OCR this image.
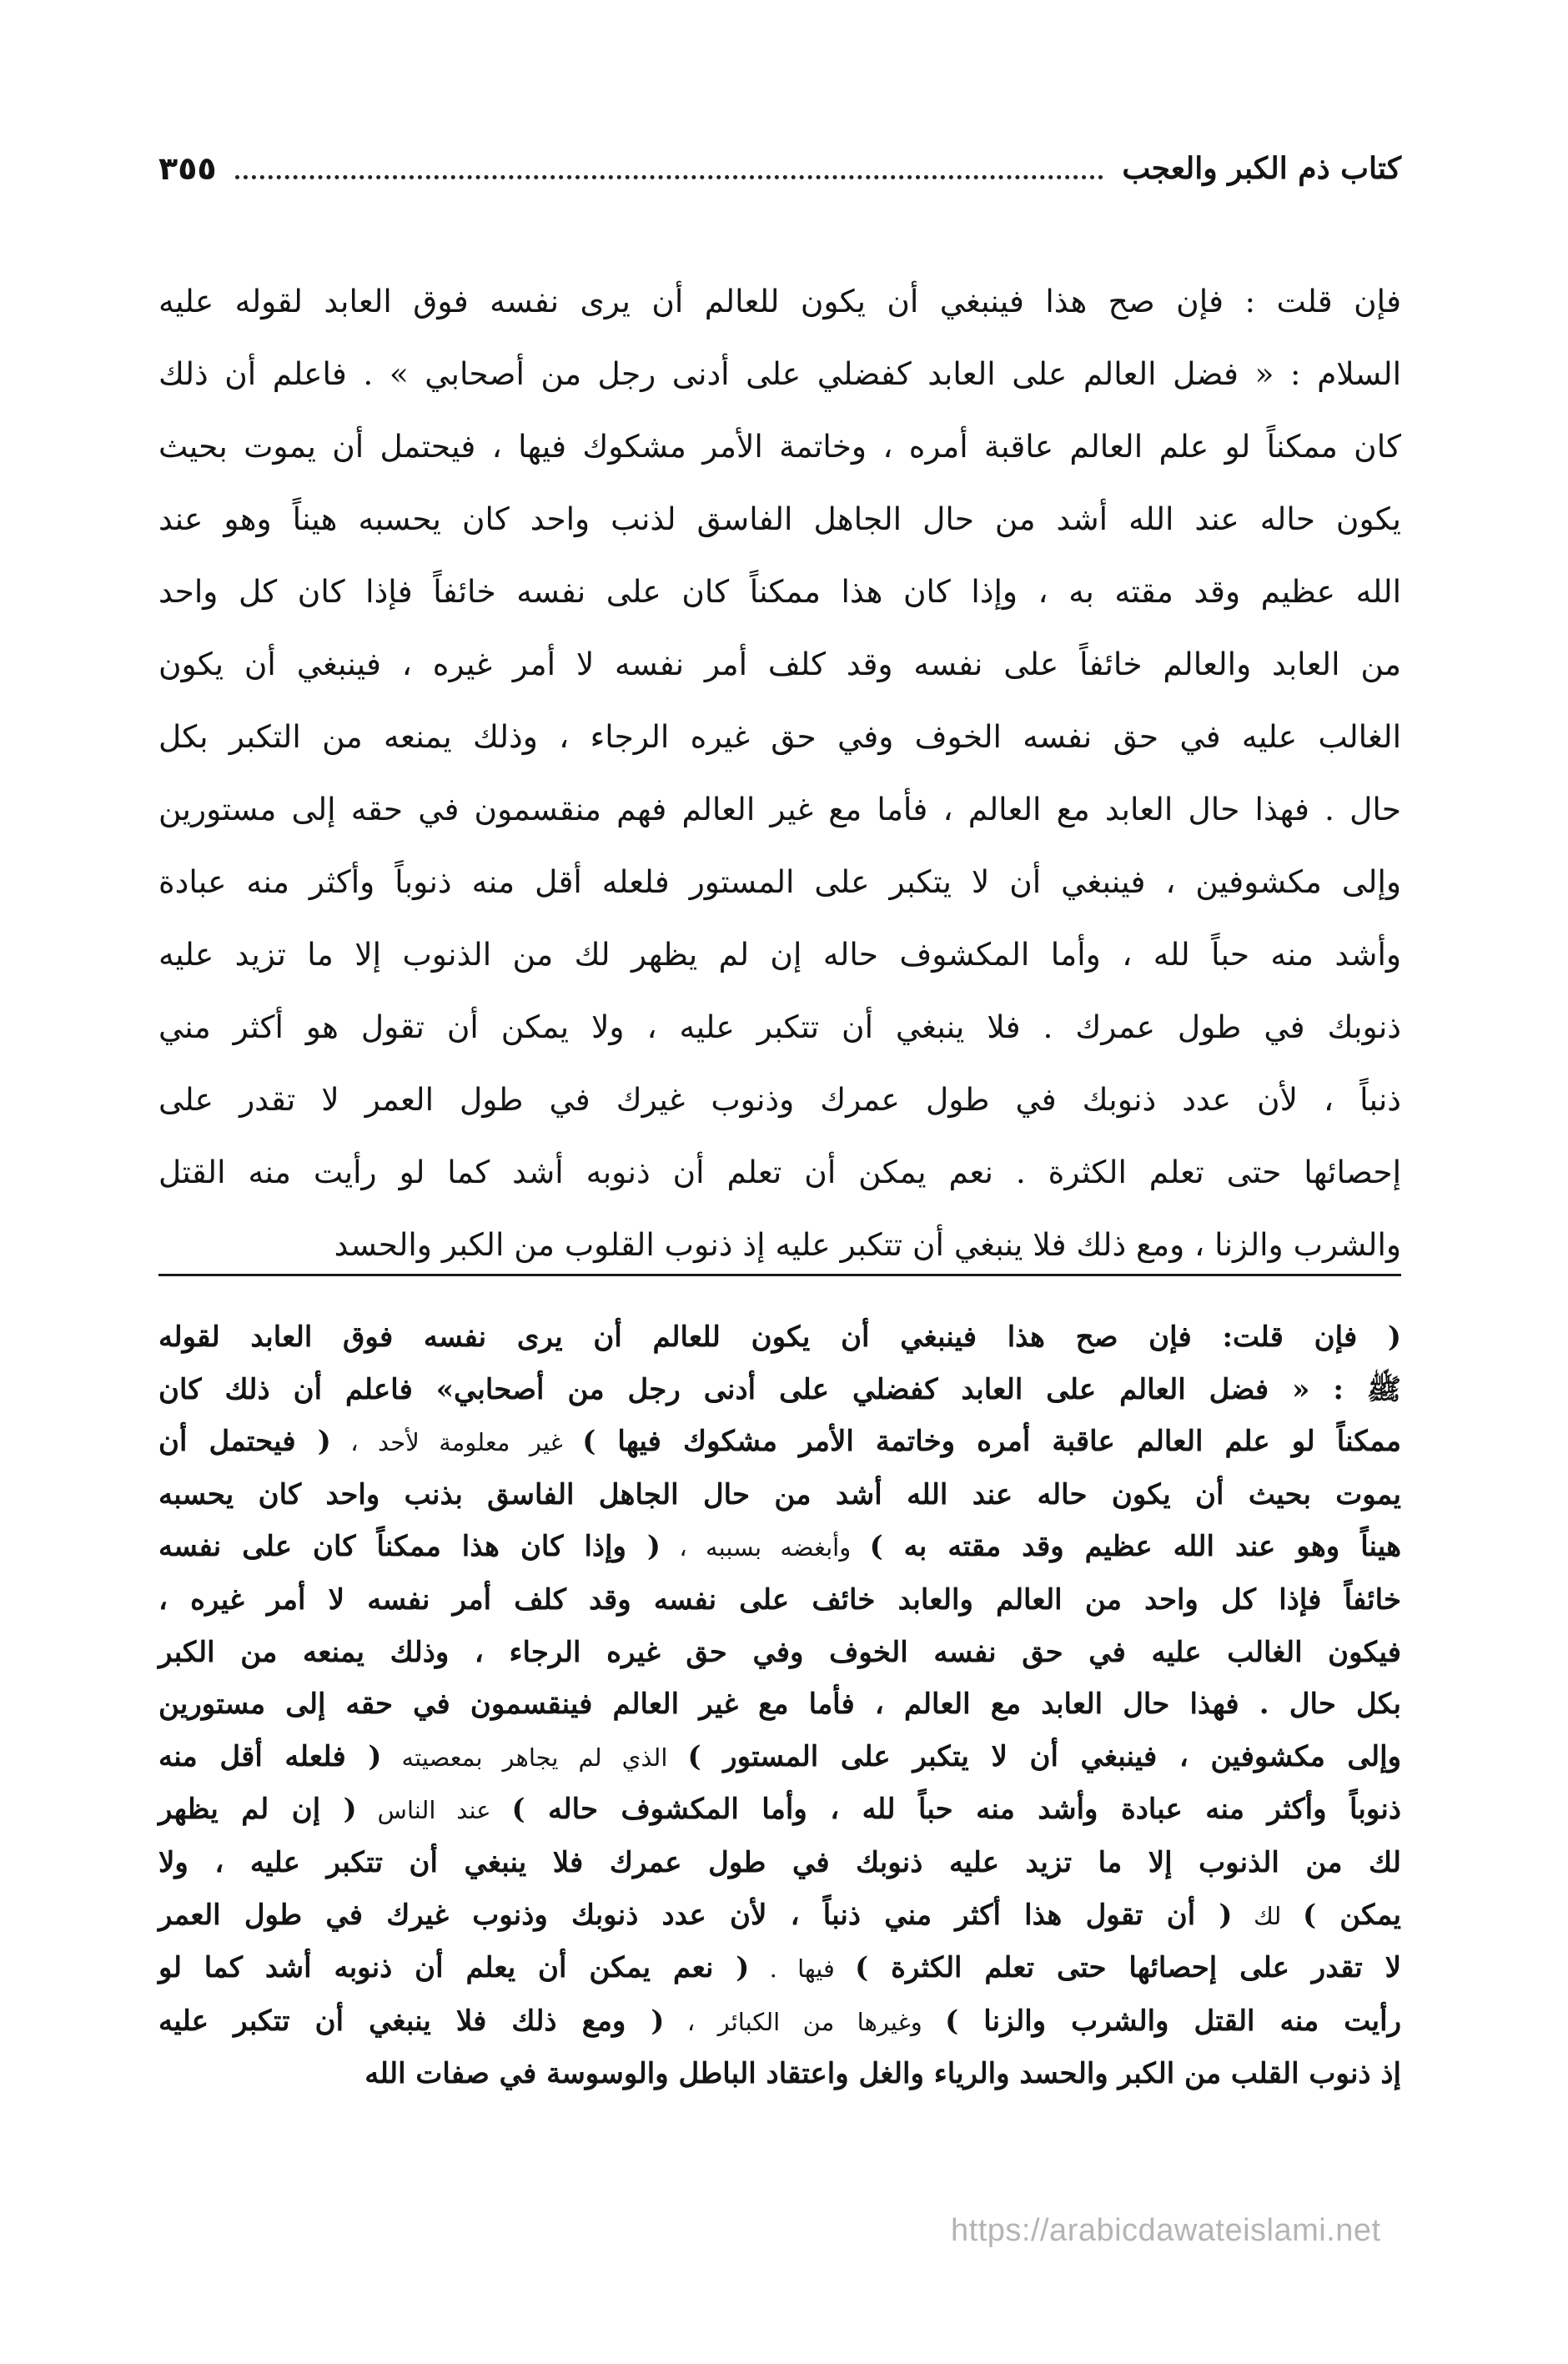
كتاب ذم الكبر والعجب
٣٥٥
فإن قلت : فإن صح هذا فينبغي أن يكون للعالم أن يرى نفسه فوق العابد لقوله عليه
السلام : « فضل العالم على العابد كفضلي على أدنى رجل من أصحابي » . فاعلم أن ذلك
كان ممكناً لو علم العالم عاقبة أمره ، وخاتمة الأمر مشكوك فيها ، فيحتمل أن يموت بحيث
يكون حاله عند الله أشد من حال الجاهل الفاسق لذنب واحد كان يحسبه هيناً وهو عند
الله عظيم وقد مقته به ، وإذا كان هذا ممكناً كان على نفسه خائفاً فإذا كان كل واحد
من العابد والعالم خائفاً على نفسه وقد كلف أمر نفسه لا أمر غيره ، فينبغي أن يكون
الغالب عليه في حق نفسه الخوف وفي حق غيره الرجاء ، وذلك يمنعه من التكبر بكل
حال . فهذا حال العابد مع العالم ، فأما مع غير العالم فهم منقسمون في حقه إلى مستورين
وإلى مكشوفين ، فينبغي أن لا يتكبر على المستور فلعله أقل منه ذنوباً وأكثر منه عبادة
وأشد منه حباً لله ، وأما المكشوف حاله إن لم يظهر لك من الذنوب إلا ما تزيد عليه
ذنوبك في طول عمرك . فلا ينبغي أن تتكبر عليه ، ولا يمكن أن تقول هو أكثر مني
ذنباً ، لأن عدد ذنوبك في طول عمرك وذنوب غيرك في طول العمر لا تقدر على
إحصائها حتى تعلم الكثرة . نعم يمكن أن تعلم أن ذنوبه أشد كما لو رأيت منه القتل
والشرب والزنا ، ومع ذلك فلا ينبغي أن تتكبر عليه إذ ذنوب القلوب من الكبر والحسد
( فإن قلت: فإن صح هذا فينبغي أن يكون للعالم أن يرى نفسه فوق العابد لقوله
ﷺ : « فضل العالم على العابد كفضلي على أدنى رجل من أصحابي» فاعلم أن ذلك كان
ممكناً لو علم العالم عاقبة أمره وخاتمة الأمر مشكوك فيها ) غير معلومة لأحد ، ( فيحتمل أن
يموت بحيث أن يكون حاله عند الله أشد من حال الجاهل الفاسق بذنب واحد كان يحسبه
هيناً وهو عند الله عظيم وقد مقته به ) وأبغضه بسببه ، ( وإذا كان هذا ممكناً كان على نفسه
خائفاً فإذا كل واحد من العالم والعابد خائف على نفسه وقد كلف أمر نفسه لا أمر غيره ،
فيكون الغالب عليه في حق نفسه الخوف وفي حق غيره الرجاء ، وذلك يمنعه من الكبر
بكل حال . فهذا حال العابد مع العالم ، فأما مع غير العالم فينقسمون في حقه إلى مستورين
وإلى مكشوفين ، فينبغي أن لا يتكبر على المستور ) الذي لم يجاهر بمعصيته ( فلعله أقل منه
ذنوباً وأكثر منه عبادة وأشد منه حباً لله ، وأما المكشوف حاله ) عند الناس ( إن لم يظهر
لك من الذنوب إلا ما تزيد عليه ذنوبك في طول عمرك فلا ينبغي أن تتكبر عليه ، ولا
يمكن ) لك ( أن تقول هذا أكثر مني ذنباً ، لأن عدد ذنوبك وذنوب غيرك في طول العمر
لا تقدر على إحصائها حتى تعلم الكثرة ) فيها . ( نعم يمكن أن يعلم أن ذنوبه أشد كما لو
رأيت منه القتل والشرب والزنا ) وغيرها من الكبائر ، ( ومع ذلك فلا ينبغي أن تتكبر عليه
إذ ذنوب القلب من الكبر والحسد والرياء والغل واعتقاد الباطل والوسوسة في صفات الله
https://arabicdawateislami.net
